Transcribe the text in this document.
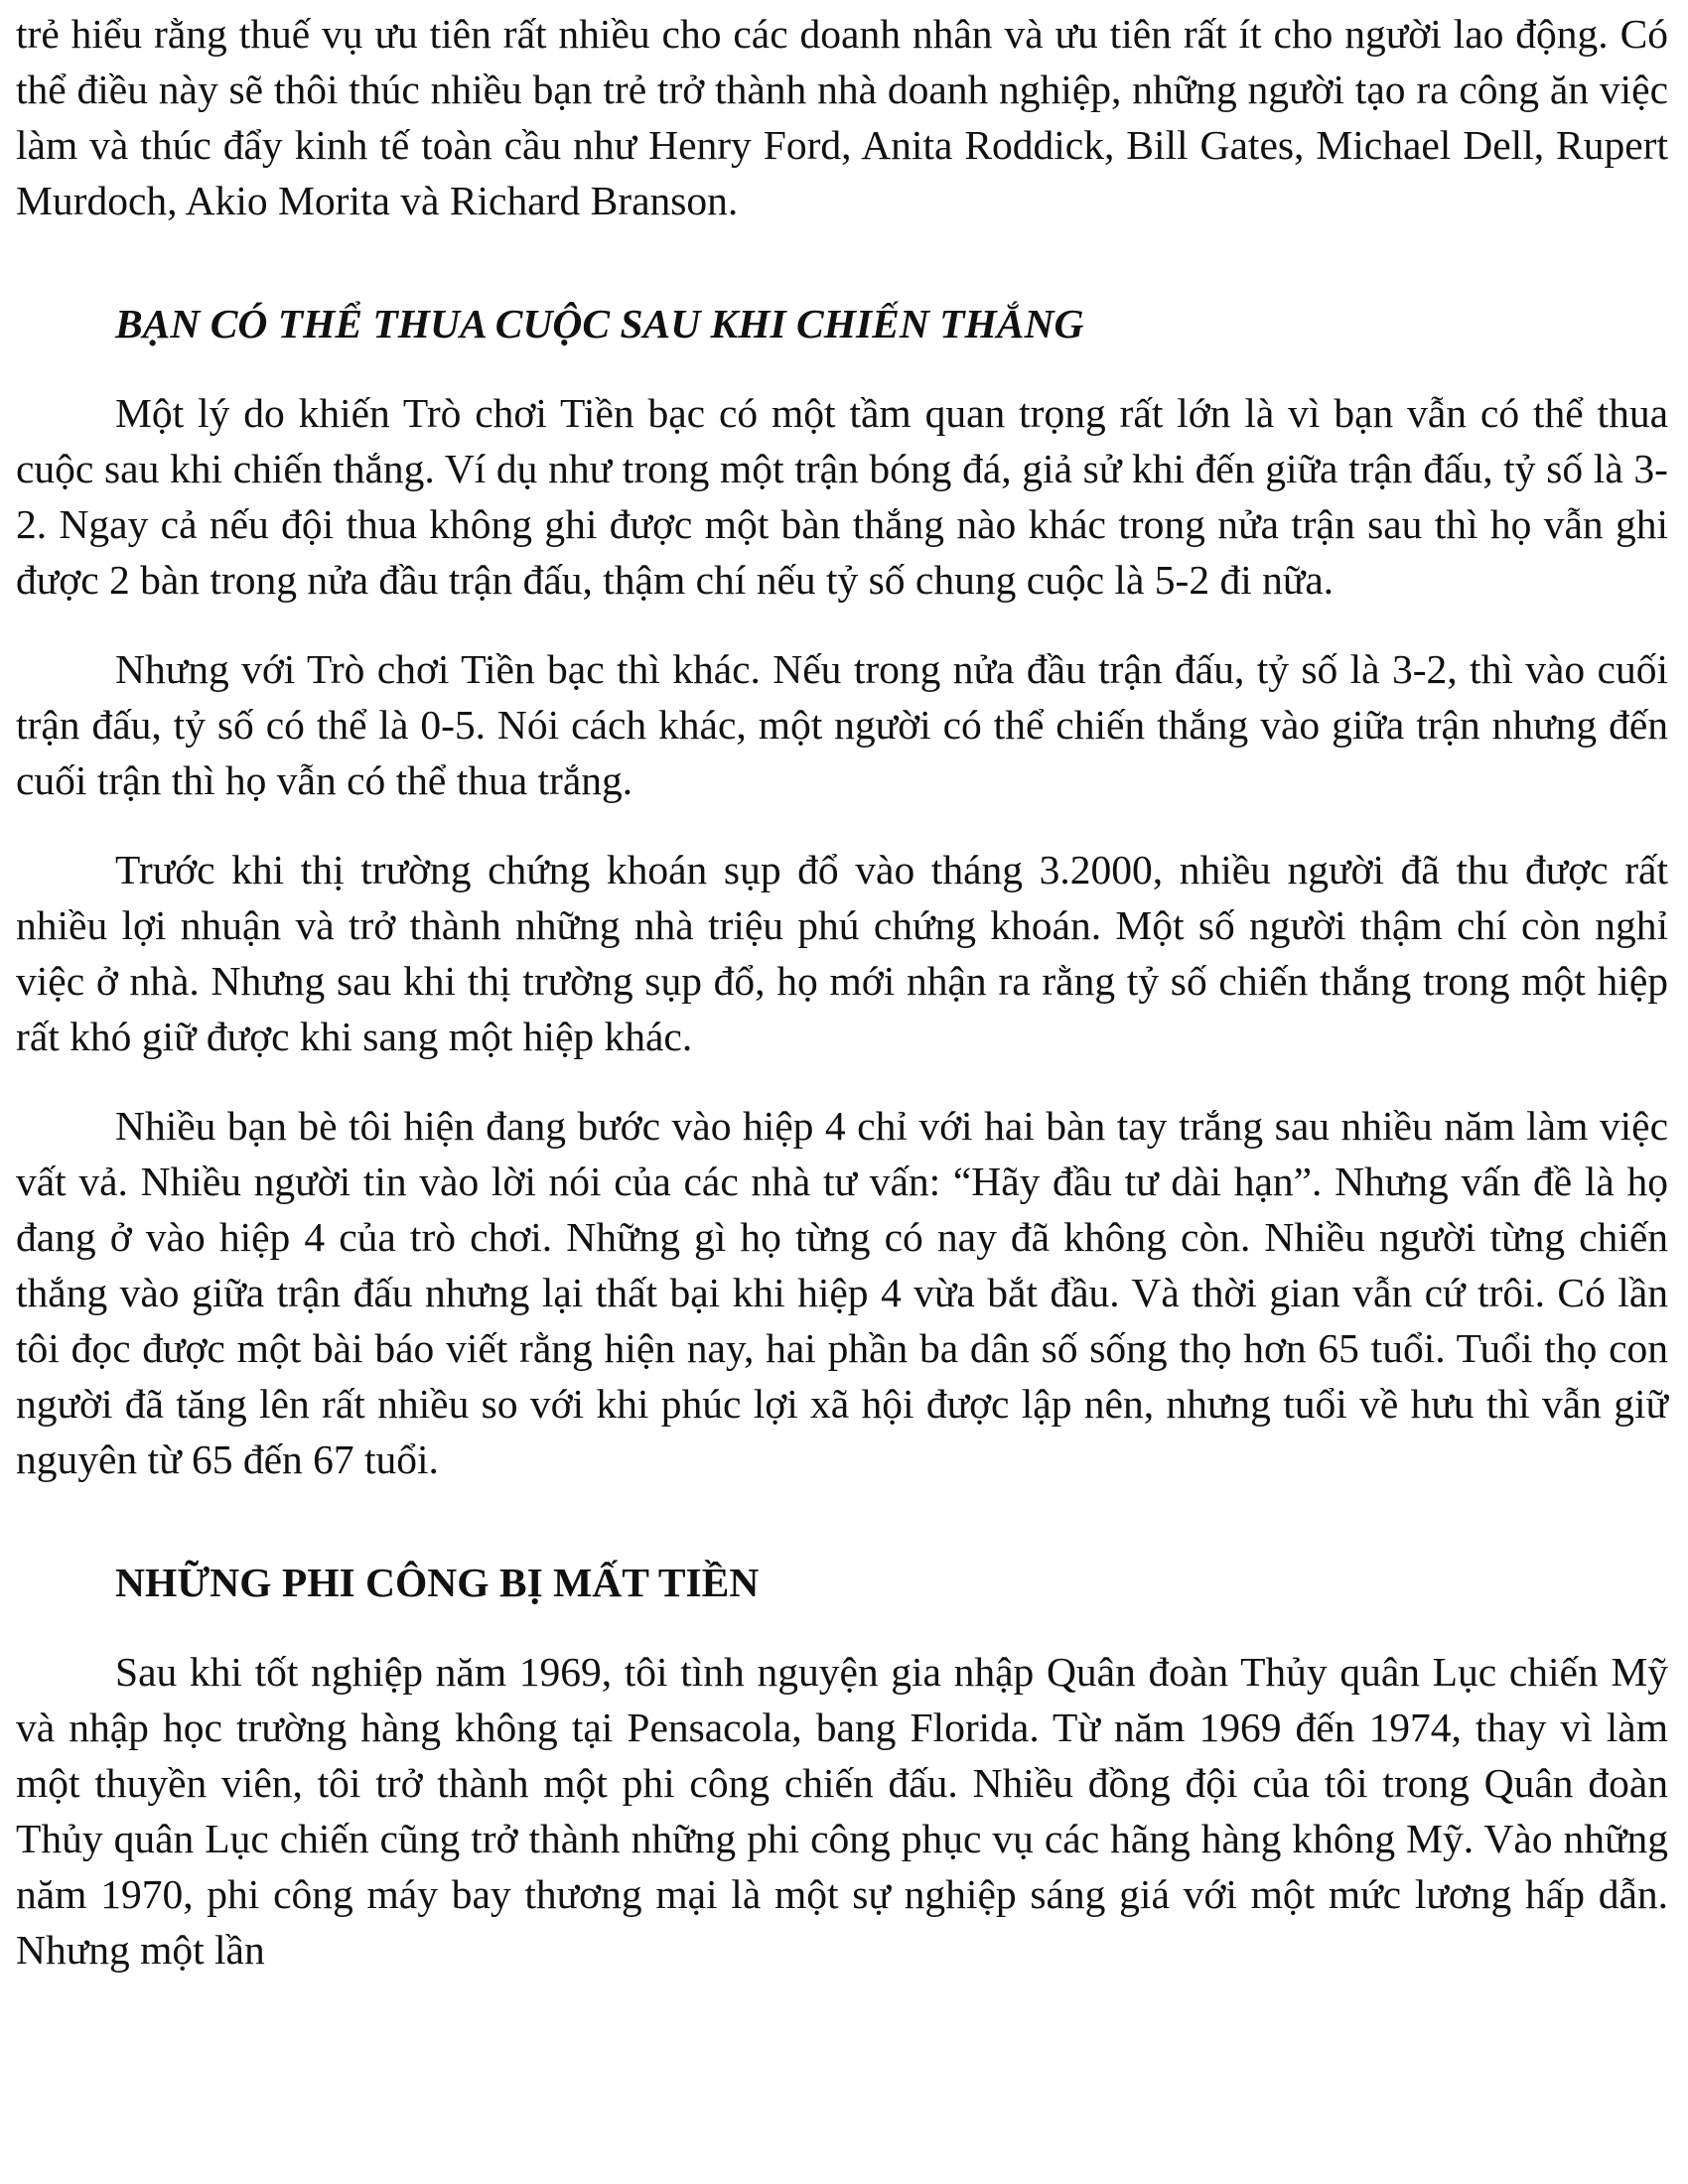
trẻ hiểu rằng thuế vụ ưu tiên rất nhiều cho các doanh nhân và ưu tiên rất ít cho người lao động. Có thể điều này sẽ thôi thúc nhiều bạn trẻ trở thành nhà doanh nghiệp, những người tạo ra công ăn việc làm và thúc đẩy kinh tế toàn cầu như Henry Ford, Anita Roddick, Bill Gates, Michael Dell, Rupert Murdoch, Akio Morita và Richard Branson.

BẠN CÓ THỂ THUA CUỘC SAU KHI CHIẾN THẮNG

Một lý do khiến Trò chơi Tiền bạc có một tầm quan trọng rất lớn là vì bạn vẫn có thể thua cuộc sau khi chiến thắng. Ví dụ như trong một trận bóng đá, giả sử khi đến giữa trận đấu, tỷ số là 3-2. Ngay cả nếu đội thua không ghi được một bàn thắng nào khác trong nửa trận sau thì họ vẫn ghi được 2 bàn trong nửa đầu trận đấu, thậm chí nếu tỷ số chung cuộc là 5-2 đi nữa.

Nhưng với Trò chơi Tiền bạc thì khác. Nếu trong nửa đầu trận đấu, tỷ số là 3-2, thì vào cuối trận đấu, tỷ số có thể là 0-5. Nói cách khác, một người có thể chiến thắng vào giữa trận nhưng đến cuối trận thì họ vẫn có thể thua trắng.

Trước khi thị trường chứng khoán sụp đổ vào tháng 3.2000, nhiều người đã thu được rất nhiều lợi nhuận và trở thành những nhà triệu phú chứng khoán. Một số người thậm chí còn nghỉ việc ở nhà. Nhưng sau khi thị trường sụp đổ, họ mới nhận ra rằng tỷ số chiến thắng trong một hiệp rất khó giữ được khi sang một hiệp khác.

Nhiều bạn bè tôi hiện đang bước vào hiệp 4 chỉ với hai bàn tay trắng sau nhiều năm làm việc vất vả. Nhiều người tin vào lời nói của các nhà tư vấn: “Hãy đầu tư dài hạn”. Nhưng vấn đề là họ đang ở vào hiệp 4 của trò chơi. Những gì họ từng có nay đã không còn. Nhiều người từng chiến thắng vào giữa trận đấu nhưng lại thất bại khi hiệp 4 vừa bắt đầu. Và thời gian vẫn cứ trôi. Có lần tôi đọc được một bài báo viết rằng hiện nay, hai phần ba dân số sống thọ hơn 65 tuổi. Tuổi thọ con người đã tăng lên rất nhiều so với khi phúc lợi xã hội được lập nên, nhưng tuổi về hưu thì vẫn giữ nguyên từ 65 đến 67 tuổi.

NHỮNG PHI CÔNG BỊ MẤT TIỀN

Sau khi tốt nghiệp năm 1969, tôi tình nguyện gia nhập Quân đoàn Thủy quân Lục chiến Mỹ và nhập học trường hàng không tại Pensacola, bang Florida. Từ năm 1969 đến 1974, thay vì làm một thuyền viên, tôi trở thành một phi công chiến đấu. Nhiều đồng đội của tôi trong Quân đoàn Thủy quân Lục chiến cũng trở thành những phi công phục vụ các hãng hàng không Mỹ. Vào những năm 1970, phi công máy bay thương mại là một sự nghiệp sáng giá với một mức lương hấp dẫn. Nhưng một lần
